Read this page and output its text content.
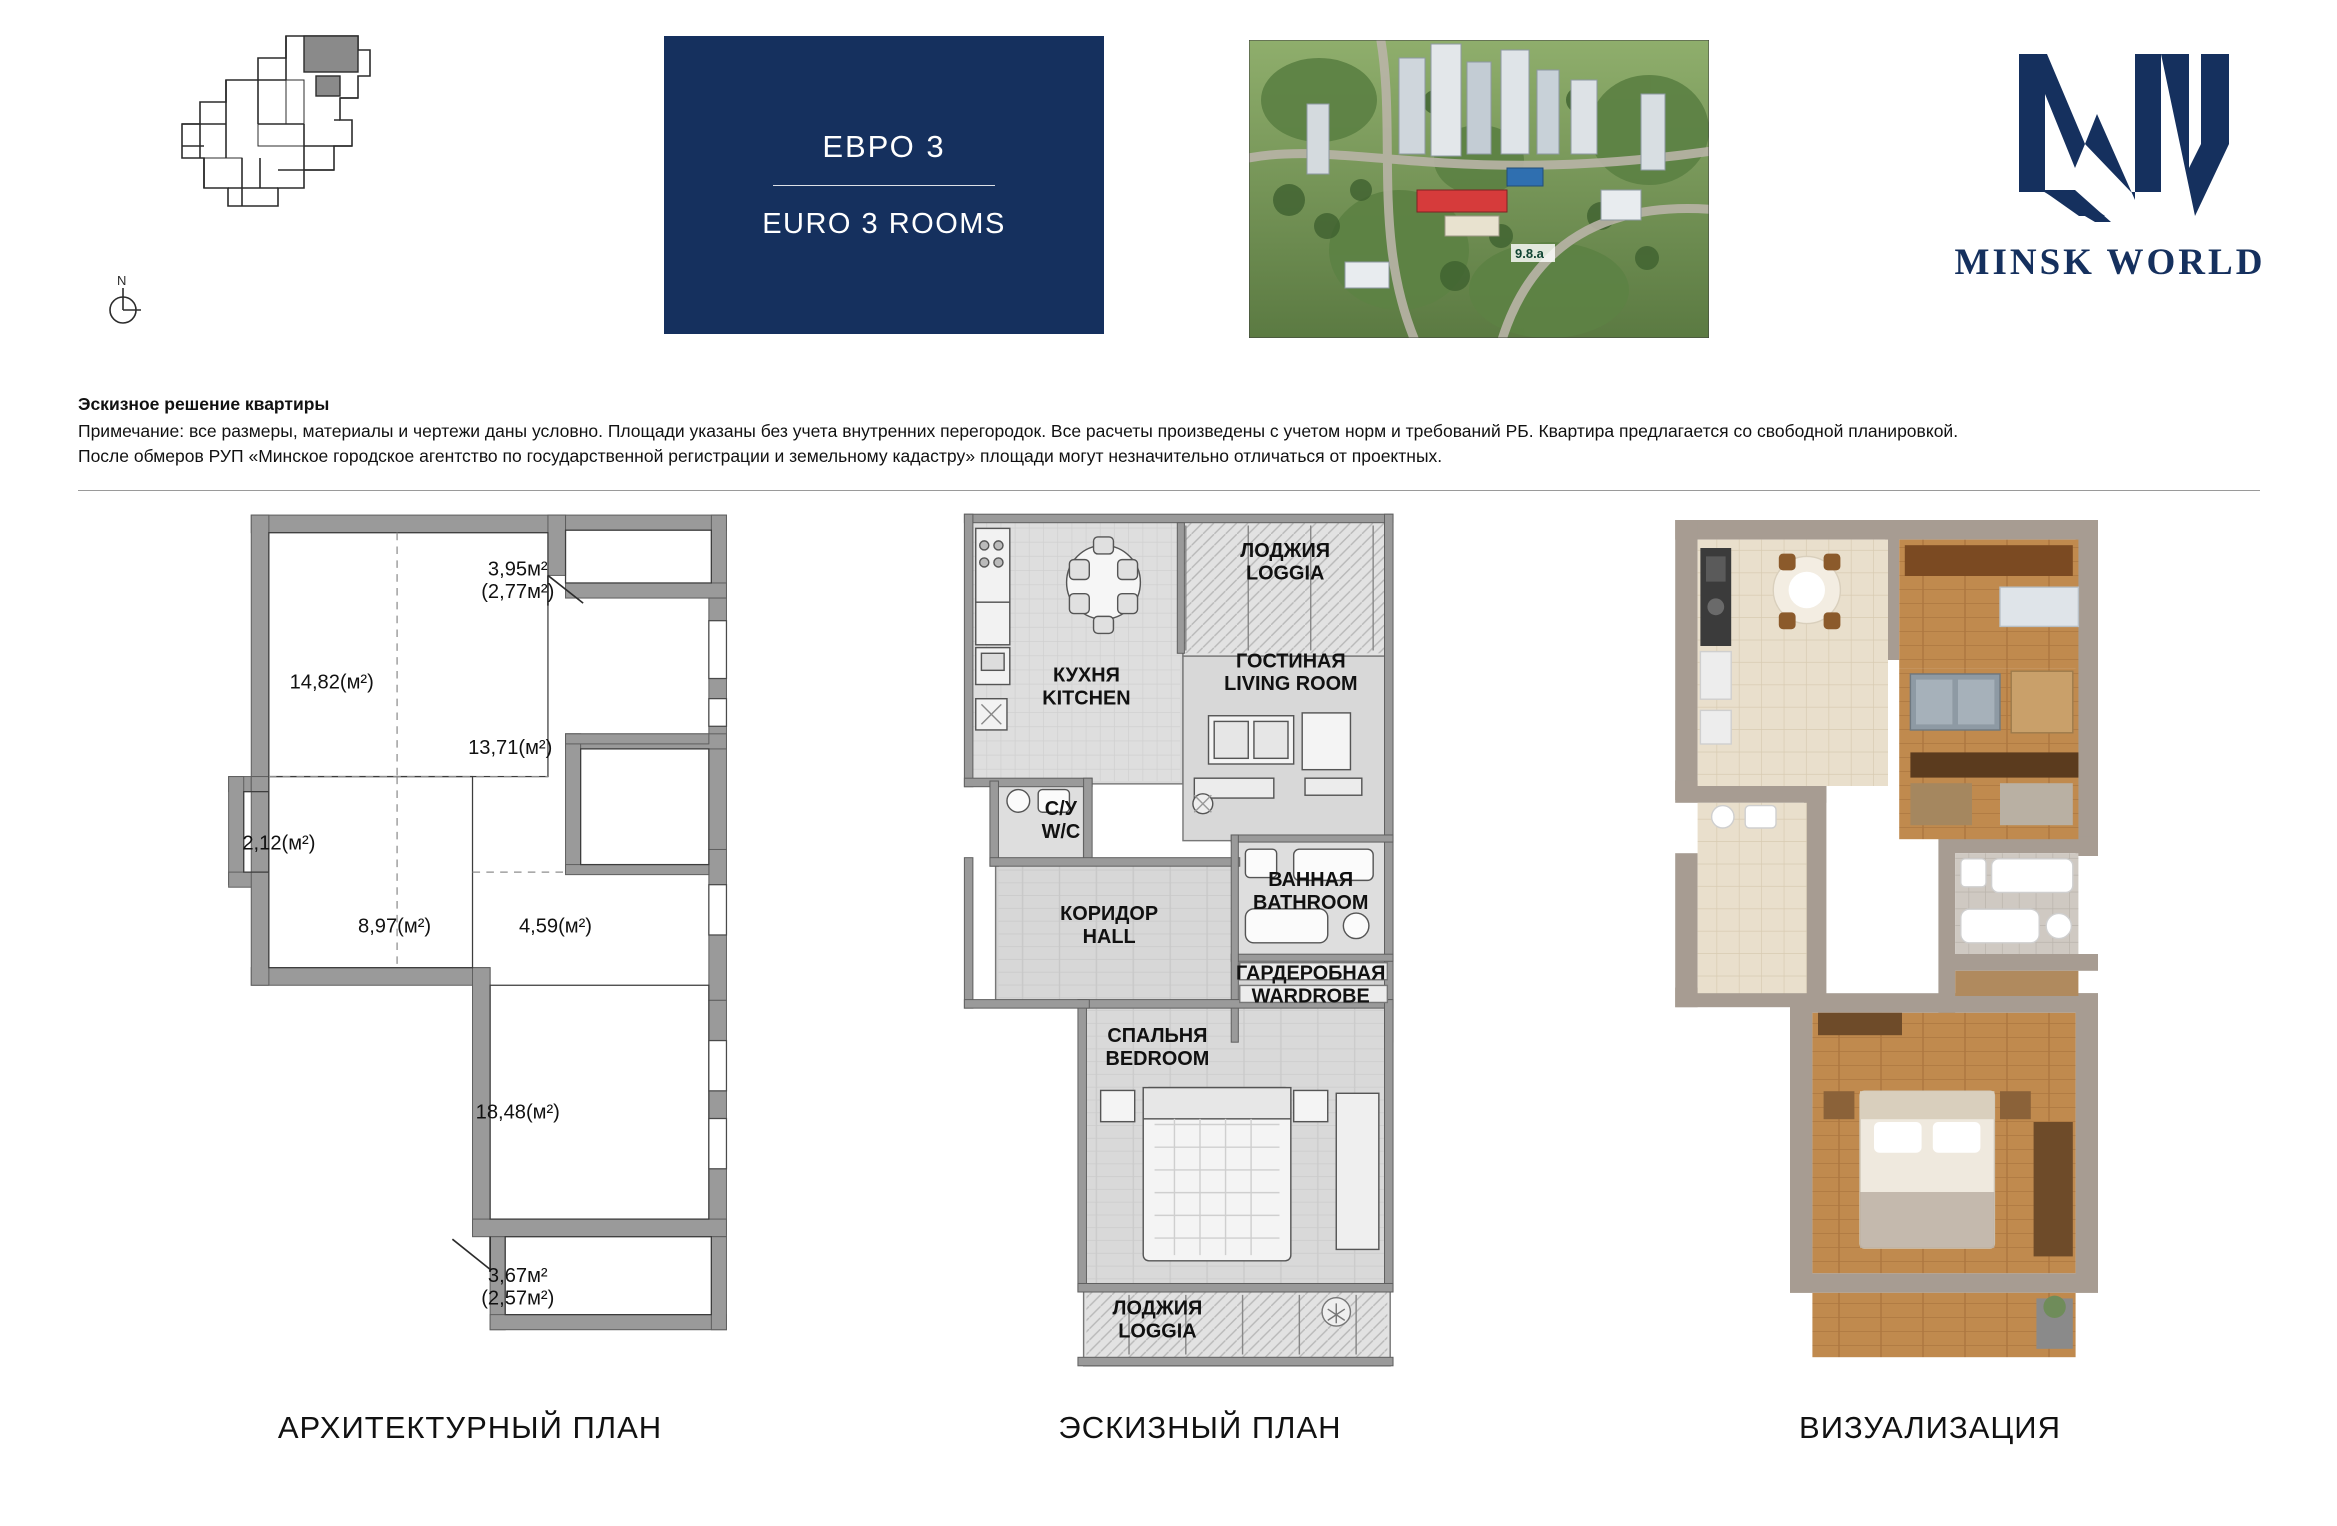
N
ЕВРО 3
EURO 3 ROOMS
9.8.a	MINSK WORLD
Эскизное решение квартиры
Примечание: все размеры, материалы и чертежи даны условно. Площади указаны без учета внутренних перегородок. Все расчеты произведены с учетом норм и требований РБ. Квартира предлагается со свободной планировкой.
После обмеров РУП «Минское городское агентство по государственной регистрации и земельному кадастру» площади могут незначительно отличаться от проектных.
3,95м²
(2,77м²)
14,82(м²)
13,71(м²)
2,12(м²)
8,97(м²)	4,59(м²)
18,48(м²)
3,67м²
(2,57м²)
АРХИТЕКТУРНЫЙ ПЛАН
ЛОДЖИЯ
LOGGIA
ГОСТИНАЯ
LIVING ROOM
КУХНЯ
KITCHEN
С/У
W/C
КОРИДОР
HALL
ВАННАЯ
BATHROOM
ГАРДЕРОБНАЯ
WARDROBE
СПАЛЬНЯ
BEDROOM
ЛОДЖИЯ
LOGGIA
ЭСКИЗНЫЙ ПЛАН	ВИЗУАЛИЗАЦИЯ
